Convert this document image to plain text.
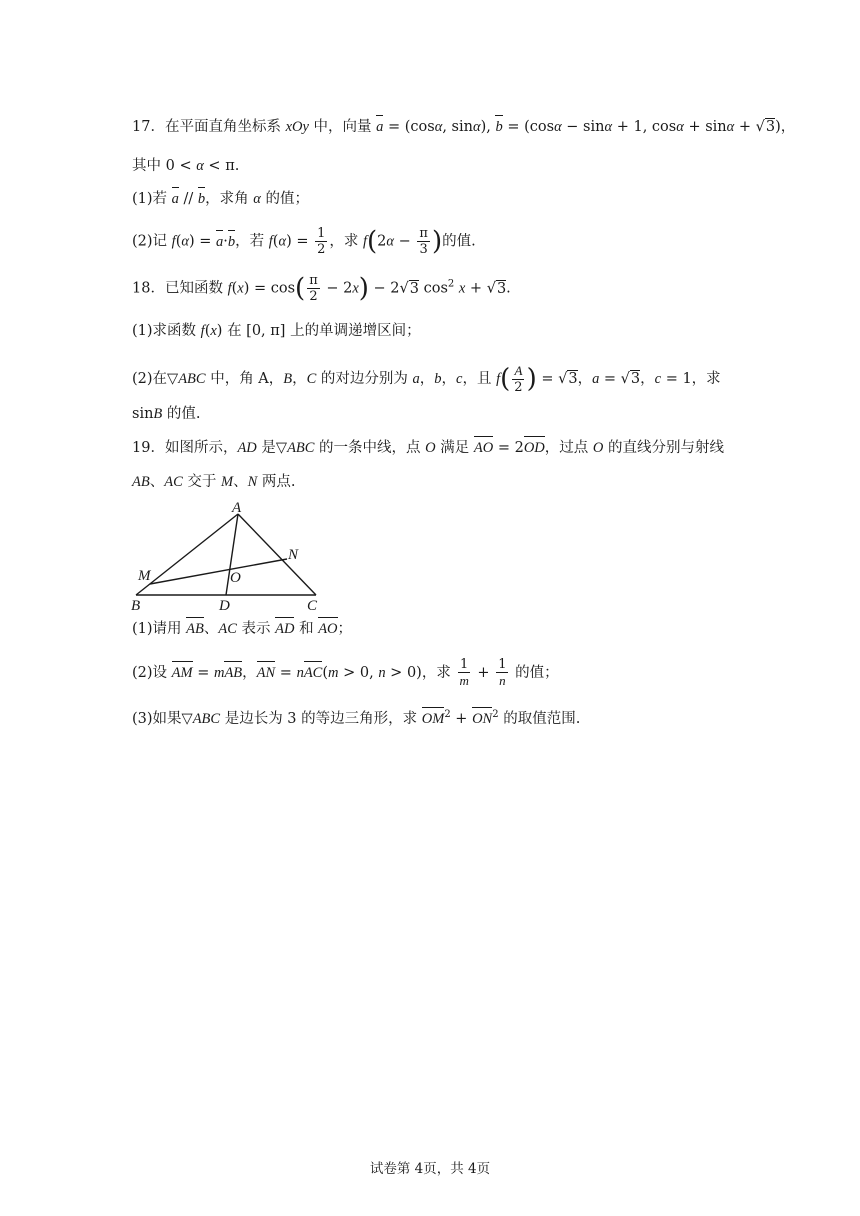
17．在平面直角坐标系 xOy 中，向量 a = (cosα, sinα), b = (cosα − sinα + 1, cosα + sinα + √3)，
其中 0 < α < π.
(1)若 a // b，求角 α 的值；
(2)记 f(α) = a·b，若 $f(\alpha) = \frac{1}{2}$ ，求 $f(2\alpha - \frac{\pi}{3}$ )的值.
18．已知函数 $f(x) = \cos( \frac{\pi}{2} - 2x) - 2√3$ $\cos^2 x + √3$.
(1)求函数 f(x) 在 [0, π] 上的单调递增区间；
(2)在▽ABC 中，角 A，B，C 的对边分别为 a，b，c，且 $f( \frac{A}{2}$ ) = √3，a = √3，c = 1，求
sinB 的值.
19．如图所示，AD 是▽ABC 的一条中线，点 O 满足 AO = 2OD，过点 O 的直线分别与射线
AB、AC 交于 M、N 两点.
A
N
M	O
B	D	C
(1)请用 AB、AC 表示 AD 和 AO；
(2)设 AM = mAB，AN = nAC(m > 0, n > 0)，求 $\frac{1}{m} + \frac{1}{n}$ 的值；
(3)如果▽ABC 是边长为 3 的等边三角形，求 $OM^2 + ON^2$ 的取值范围.
试卷第 4页，共 4页
